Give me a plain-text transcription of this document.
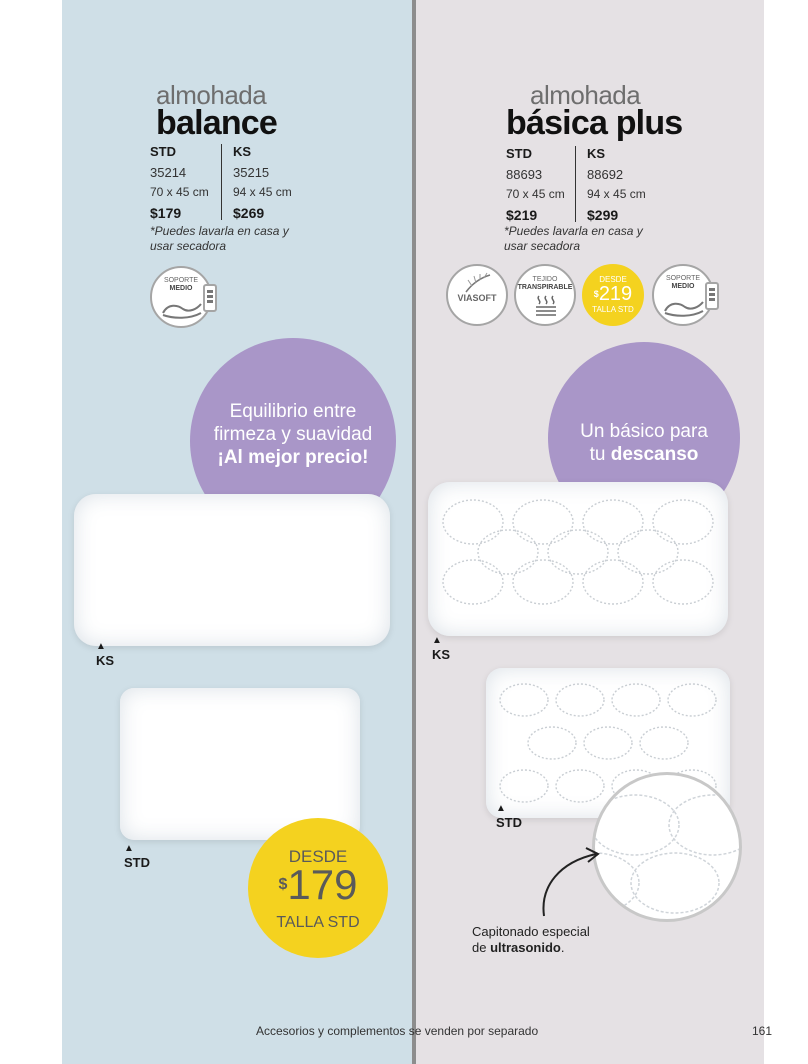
almohada
balance
STD
35214
70 x 45 cm
$179
KS
35215
94 x 45 cm
$269
*Puedes lavarla en casa y usar secadora
SOPORTE
MEDIO
Equilibrio entre
firmeza y suavidad
¡Al mejor precio!
▲
KS
▲
STD	DESDE
$179
TALLA STD
almohada
básica plus
STD
88693
70 x 45 cm
$219
KS
88692
94 x 45 cm
$299
*Puedes lavarla en casa y usar secadora
VIASOFT
TEJIDO
TRANSPIRABLE
DESDE
$219
TALLA STD
SOPORTE
MEDIO
Un básico para
tu descanso
▲
KS
▲
STD
Capitonado especial
de ultrasonido.
Accesorios y complementos se venden por separado	161
